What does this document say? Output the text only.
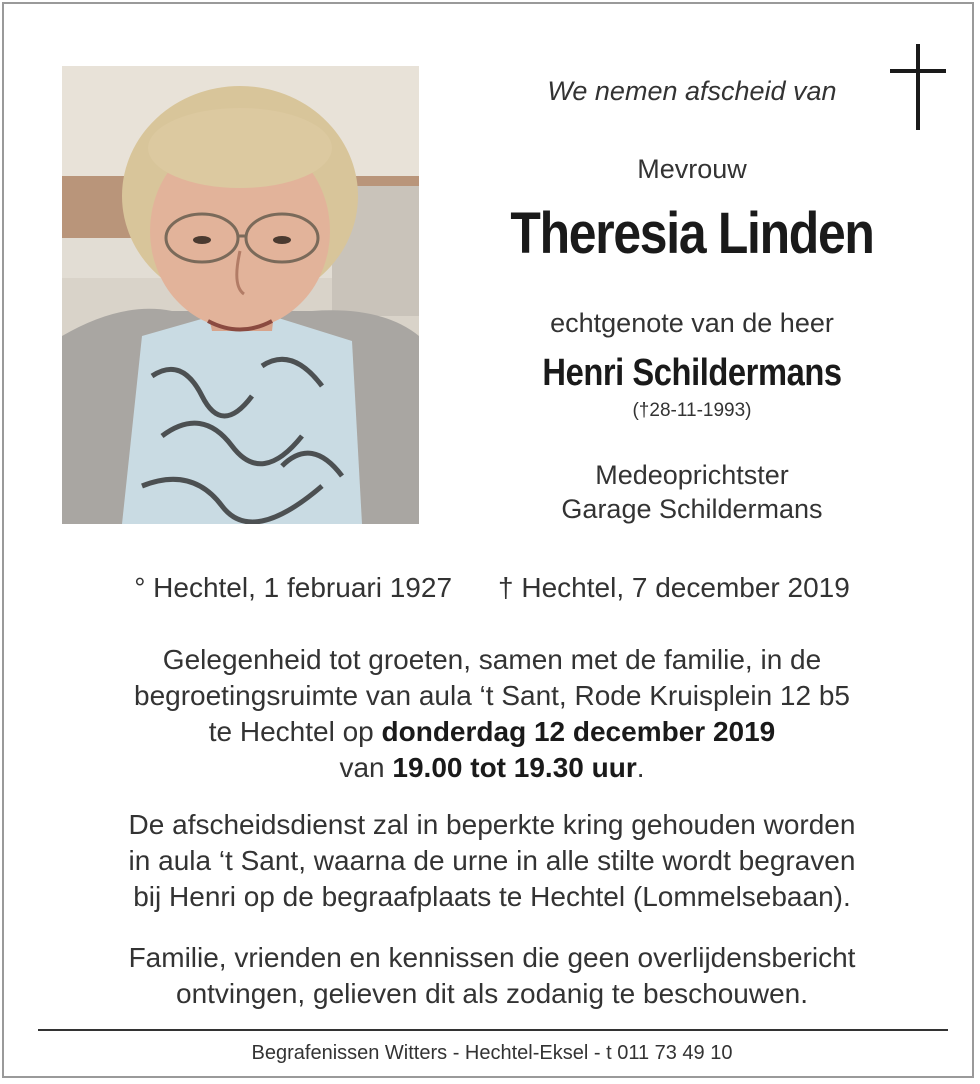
We nemen afscheid van
Mevrouw
Theresia Linden
echtgenote van de heer
Henri Schildermans
(†28-11-1993)
Medeoprichtster
Garage Schildermans
° Hechtel, 1 februari 1927 † Hechtel, 7 december 2019
Gelegenheid tot groeten, samen met de familie, in de
begroetingsruimte van aula ‘t Sant, Rode Kruisplein 12 b5
te Hechtel op donderdag 12 december 2019
van 19.00 tot 19.30 uur.
De afscheidsdienst zal in beperkte kring gehouden worden
in aula ‘t Sant, waarna de urne in alle stilte wordt begraven
bij Henri op de begraafplaats te Hechtel (Lommelsebaan).
Familie, vrienden en kennissen die geen overlijdensbericht
ontvingen, gelieven dit als zodanig te beschouwen.
Begrafenissen Witters - Hechtel-Eksel - t 011 73 49 10
